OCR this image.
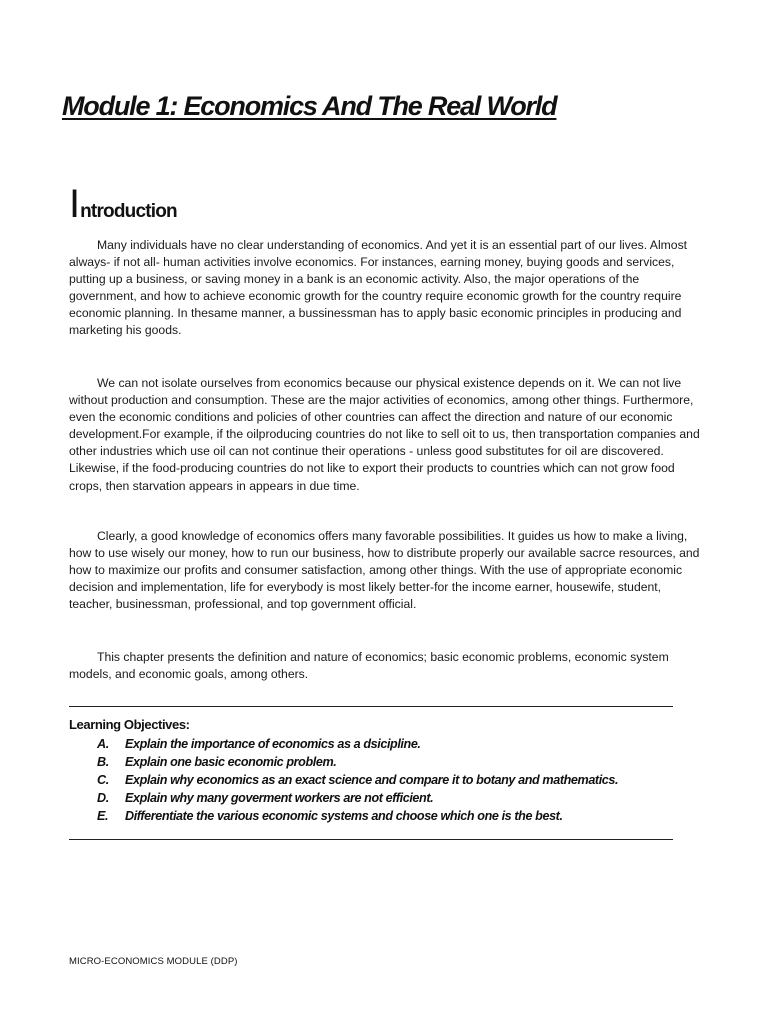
Module 1: Economics And The Real World
Introduction

Many individuals have no clear understanding of economics. And yet it is an essential part of our lives. Almost always- if not all- human activities involve economics. For instances, earning money, buying goods and services, putting up a business, or saving money in a bank is an economic activity. Also, the major operations of the government, and how to achieve economic growth for the country require economic growth for the country require economic planning. In thesame manner, a bussinessman has to apply basic economic principles in producing and marketing his goods.

We can not isolate ourselves from economics because our physical existence depends on it. We can not live without production and consumption. These are the major activities of economics, among other things. Furthermore, even the economic conditions and policies of other countries can affect the direction and nature of our economic development.For example, if the oilproducing countries do not like to sell oit to us, then transportation companies and other industries which use oil can not continue their operations - unless good substitutes for oil are discovered. Likewise, if the food-producing countries do not like to export their products to countries which can not grow food crops, then starvation appears in appears in due time.

Clearly, a good knowledge of economics offers many favorable possibilities. It guides us how to make a living, how to use wisely our money, how to run our business, how to distribute properly our available sacrce resources, and how to maximize our profits and consumer satisfaction, among other things. With the use of appropriate economic decision and implementation, life for everybody is most likely better-for the income earner, housewife, student, teacher, businessman, professional, and top government official.

This chapter presents the definition and nature of economics; basic economic problems, economic system models, and economic goals, among others.

Learning Objectives:
A. Explain the importance of economics as a dsicipline.
B. Explain one basic economic problem.
C. Explain why economics as an exact science and compare it to botany and mathematics.
D. Explain why many goverment workers are not efficient.
E. Differentiate the various economic systems and choose which one is the best.
MICRO-ECONOMICS MODULE (DDP)
